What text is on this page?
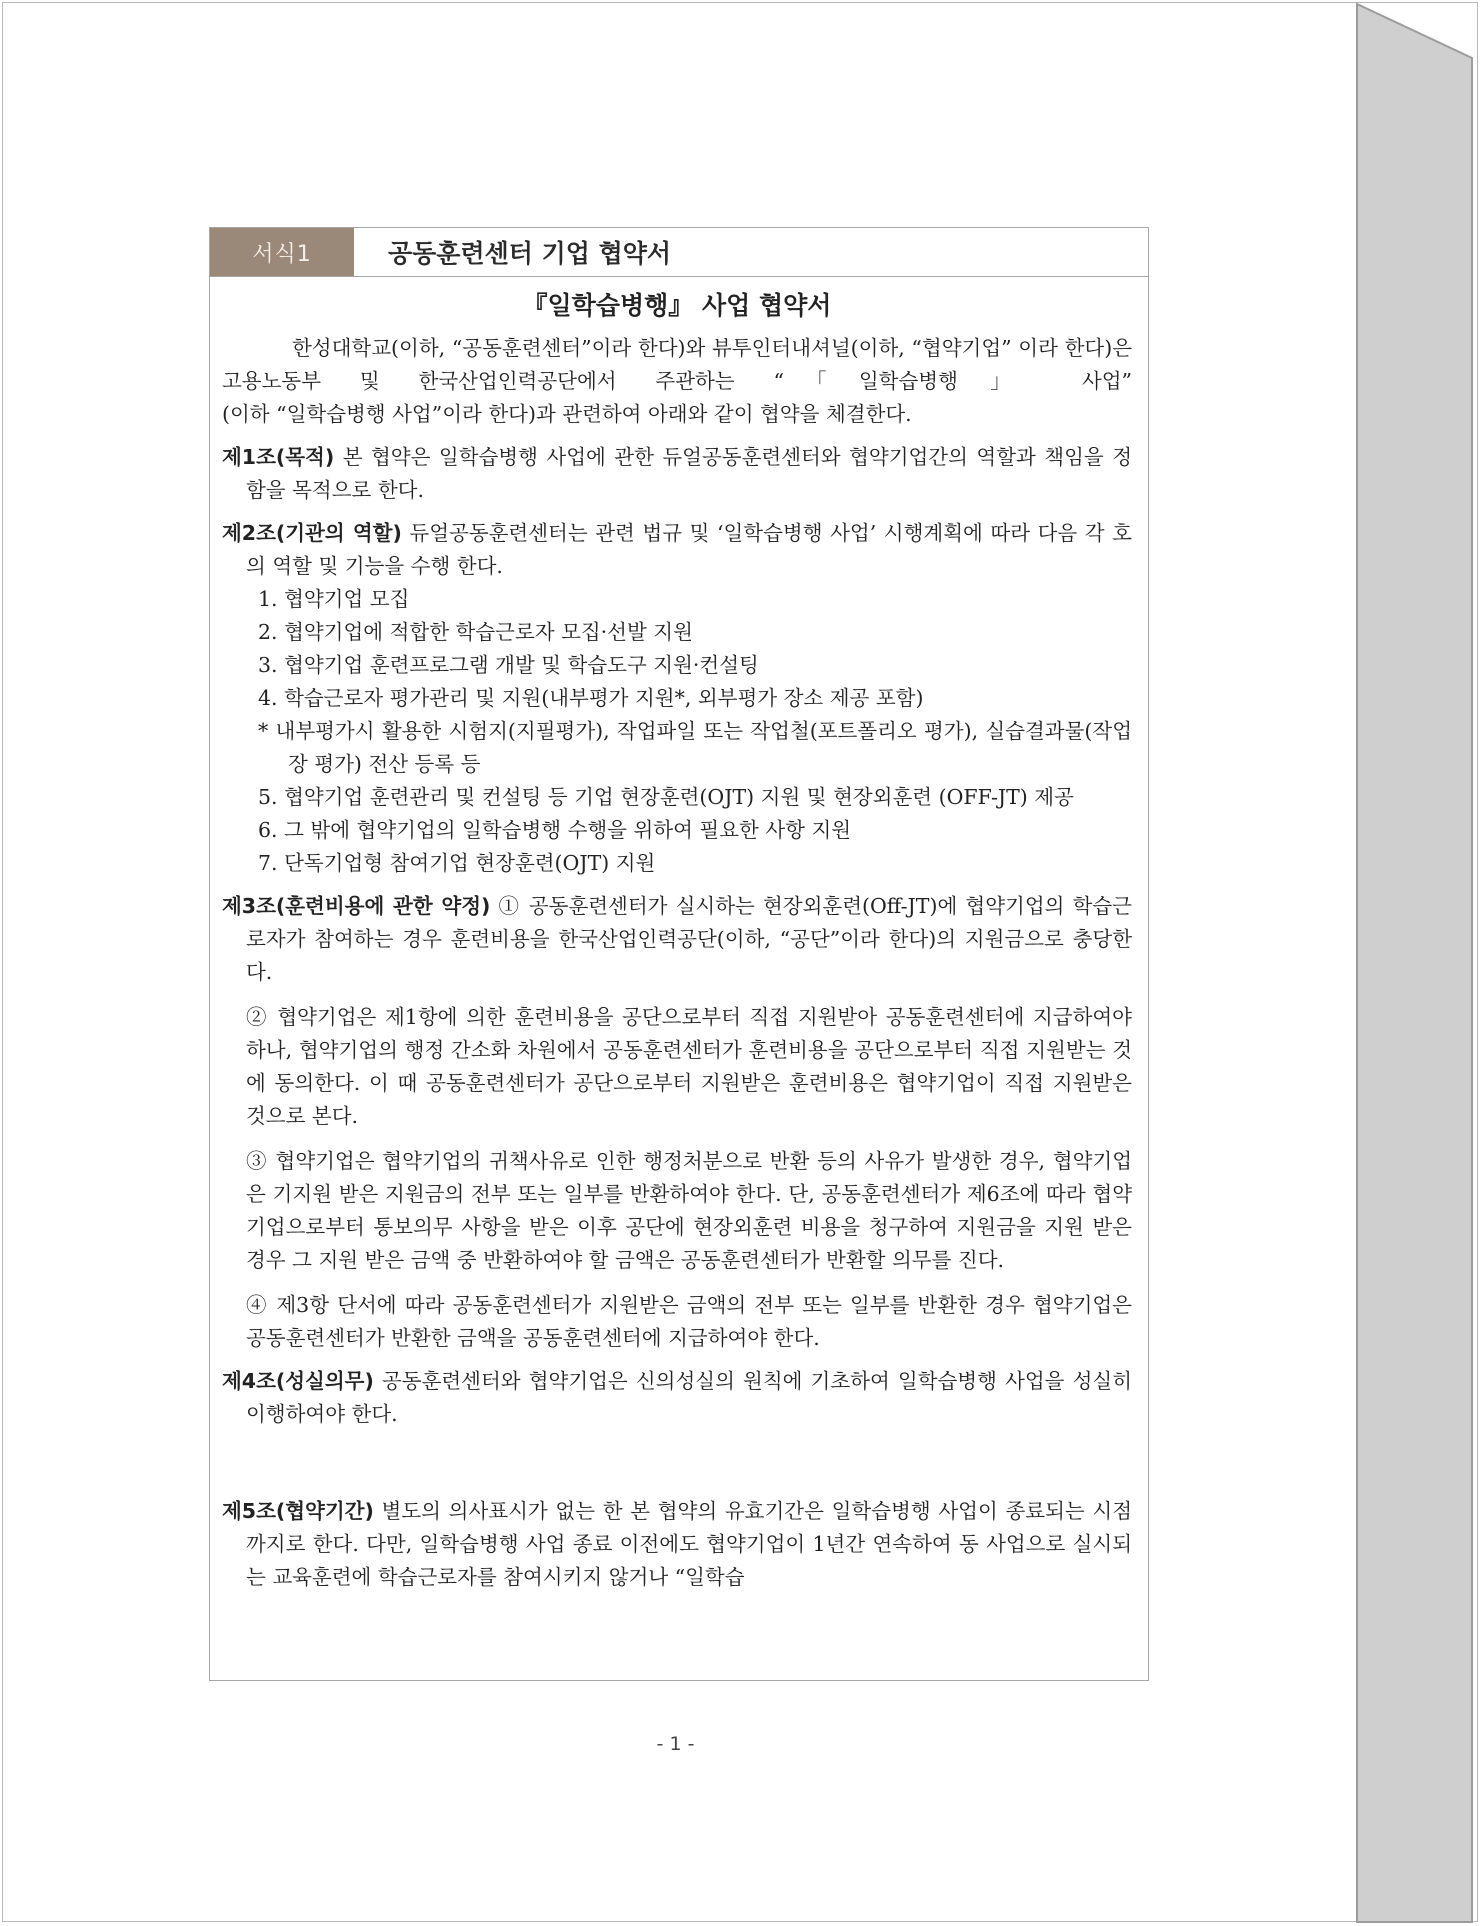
서식1	공동훈련센터 기업 협약서
『일학습병행』 사업 협약서

한성대학교(이하, “공동훈련센터”이라 한다)와 뷰투인터내셔널(이하, “협약기업” 이라 한다)은 고용노동부 및 한국산업인력공단에서 주관하는 “「일학습병행」 사업”

(이하 “일학습병행 사업”이라 한다)과 관련하여 아래와 같이 협약을 체결한다.

제1조(목적) 본 협약은 일학습병행 사업에 관한 듀얼공동훈련센터와 협약기업간의 역할과 책임을 정함을 목적으로 한다.

제2조(기관의 역할) 듀얼공동훈련센터는 관련 법규 및 ‘일학습병행 사업’ 시행계획에 따라 다음 각 호의 역할 및 기능을 수행 한다.

1. 협약기업 모집
2. 협약기업에 적합한 학습근로자 모집·선발 지원
3. 협약기업 훈련프로그램 개발 및 학습도구 지원·컨설팅
4. 학습근로자 평가관리 및 지원(내부평가 지원*, 외부평가 장소 제공 포함)
* 내부평가시 활용한 시험지(지필평가), 작업파일 또는 작업철(포트폴리오 평가), 실습결과물(작업장 평가) 전산 등록 등
5. 협약기업 훈련관리 및 컨설팅 등 기업 현장훈련(OJT) 지원 및 현장외훈련 (OFF-JT) 제공
6. 그 밖에 협약기업의 일학습병행 수행을 위하여 필요한 사항 지원
7. 단독기업형 참여기업 현장훈련(OJT) 지원

제3조(훈련비용에 관한 약정) ① 공동훈련센터가 실시하는 현장외훈련(Off-JT)에 협약기업의 학습근로자가 참여하는 경우 훈련비용을 한국산업인력공단(이하, “공단”이라 한다)의 지원금으로 충당한다.

② 협약기업은 제1항에 의한 훈련비용을 공단으로부터 직접 지원받아 공동훈련센터에 지급하여야 하나, 협약기업의 행정 간소화 차원에서 공동훈련센터가 훈련비용을 공단으로부터 직접 지원받는 것에 동의한다. 이 때 공동훈련센터가 공단으로부터 지원받은 훈련비용은 협약기업이 직접 지원받은 것으로 본다.

③ 협약기업은 협약기업의 귀책사유로 인한 행정처분으로 반환 등의 사유가 발생한 경우, 협약기업은 기지원 받은 지원금의 전부 또는 일부를 반환하여야 한다. 단, 공동훈련센터가 제6조에 따라 협약기업으로부터 통보의무 사항을 받은 이후 공단에 현장외훈련 비용을 청구하여 지원금을 지원 받은 경우 그 지원 받은 금액 중 반환하여야 할 금액은 공동훈련센터가 반환할 의무를 진다.

④ 제3항 단서에 따라 공동훈련센터가 지원받은 금액의 전부 또는 일부를 반환한 경우 협약기업은 공동훈련센터가 반환한 금액을 공동훈련센터에 지급하여야 한다.

제4조(성실의무) 공동훈련센터와 협약기업은 신의성실의 원칙에 기초하여 일학습병행 사업을 성실히 이행하여야 한다.

제5조(협약기간) 별도의 의사표시가 없는 한 본 협약의 유효기간은 일학습병행 사업이 종료되는 시점까지로 한다. 다만, 일학습병행 사업 종료 이전에도 협약기업이 1년간 연속하여 동 사업으로 실시되는 교육훈련에 학습근로자를 참여시키지 않거나 “일학습

- 1 -
